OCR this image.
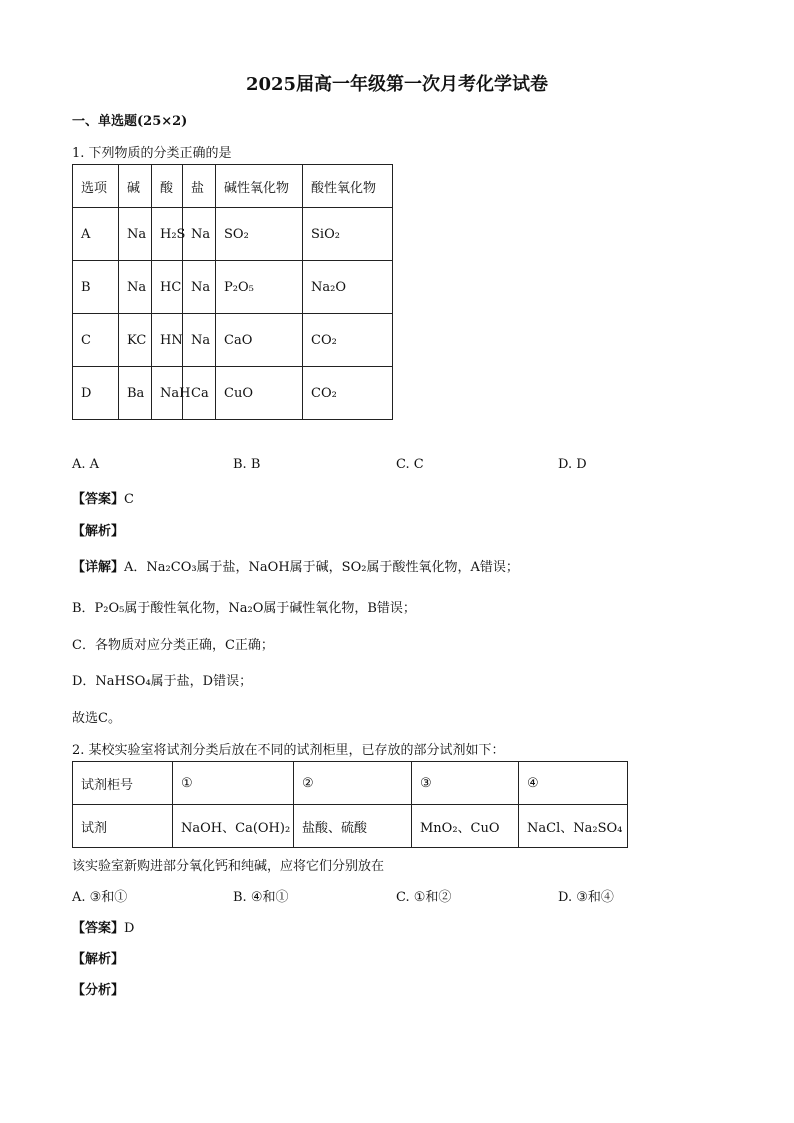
2025届高一年级第一次月考化学试卷
一、单选题(25×2)
1. 下列物质的分类正确的是
选项	碱	酸	盐	碱性氧化物	酸性氧化物
A	Na	H₂S	Na	SO₂	SiO₂
B	Na	HC	Na	P₂O₅	Na₂O
C	KC	HN	Na	CaO	CO₂
D	Ba	NaH	Ca	CuO	CO₂
A. A	B. B	C. C	D. D
【答案】C
【解析】
【详解】A．Na₂CO₃属于盐，NaOH属于碱，SO₂属于酸性氧化物，A错误；
B．P₂O₅属于酸性氧化物，Na₂O属于碱性氧化物，B错误；
C．各物质对应分类正确，C正确；
D．NaHSO₄属于盐，D错误；
故选C。
2. 某校实验室将试剂分类后放在不同的试剂柜里，已存放的部分试剂如下：
试剂柜号	①	②	③	④
试剂	NaOH、Ca(OH)₂	盐酸、硫酸	MnO₂、CuO	NaCl、Na₂SO₄
该实验室新购进部分氧化钙和纯碱，应将它们分别放在
A. ③和①	B. ④和①	C. ①和②	D. ③和④
【答案】D
【解析】
【分析】
